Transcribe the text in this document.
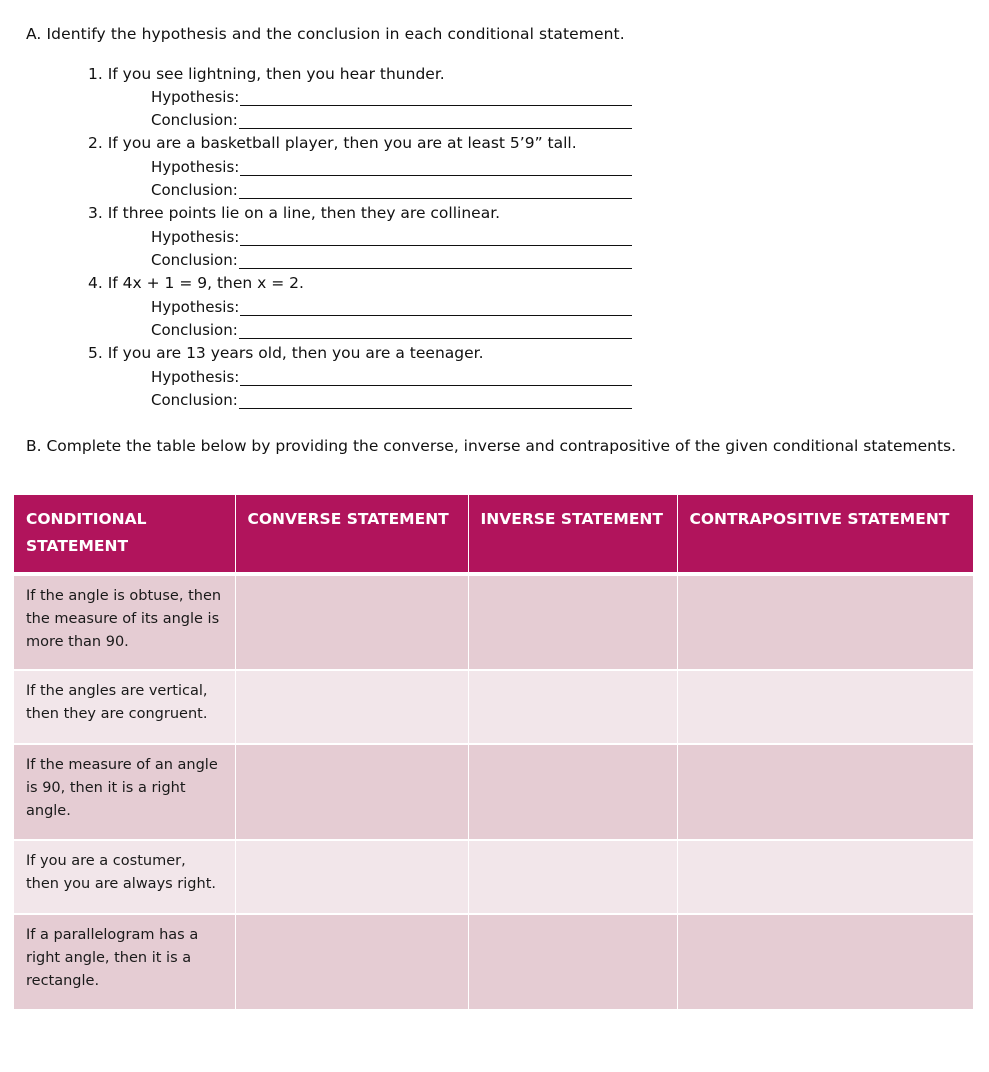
A. Identify the hypothesis and the conclusion in each conditional statement.
1. If you see lightning, then you hear thunder.
Hypothesis:
Conclusion:
2. If you are a basketball player, then you are at least 5’9” tall.
Hypothesis:
Conclusion:
3. If three points lie on a line, then they are collinear.
Hypothesis:
Conclusion:
4. If 4x + 1 = 9, then x = 2.
Hypothesis:
Conclusion:
5. If you are 13 years old, then you are a teenager.
Hypothesis:
Conclusion:
B. Complete the table below by providing the converse, inverse and contrapositive of the given conditional statements.
CONDITIONAL STATEMENT	CONVERSE STATEMENT	INVERSE STATEMENT	CONTRAPOSITIVE STATEMENT
If the angle is obtuse, then the measure of its angle is more than 90.			
If the angles are vertical, then they are congruent.			
If the measure of an angle is 90, then it is a right angle.			
If you are a costumer, then you are always right.			
If a parallelogram has a right angle, then it is a rectangle.			
